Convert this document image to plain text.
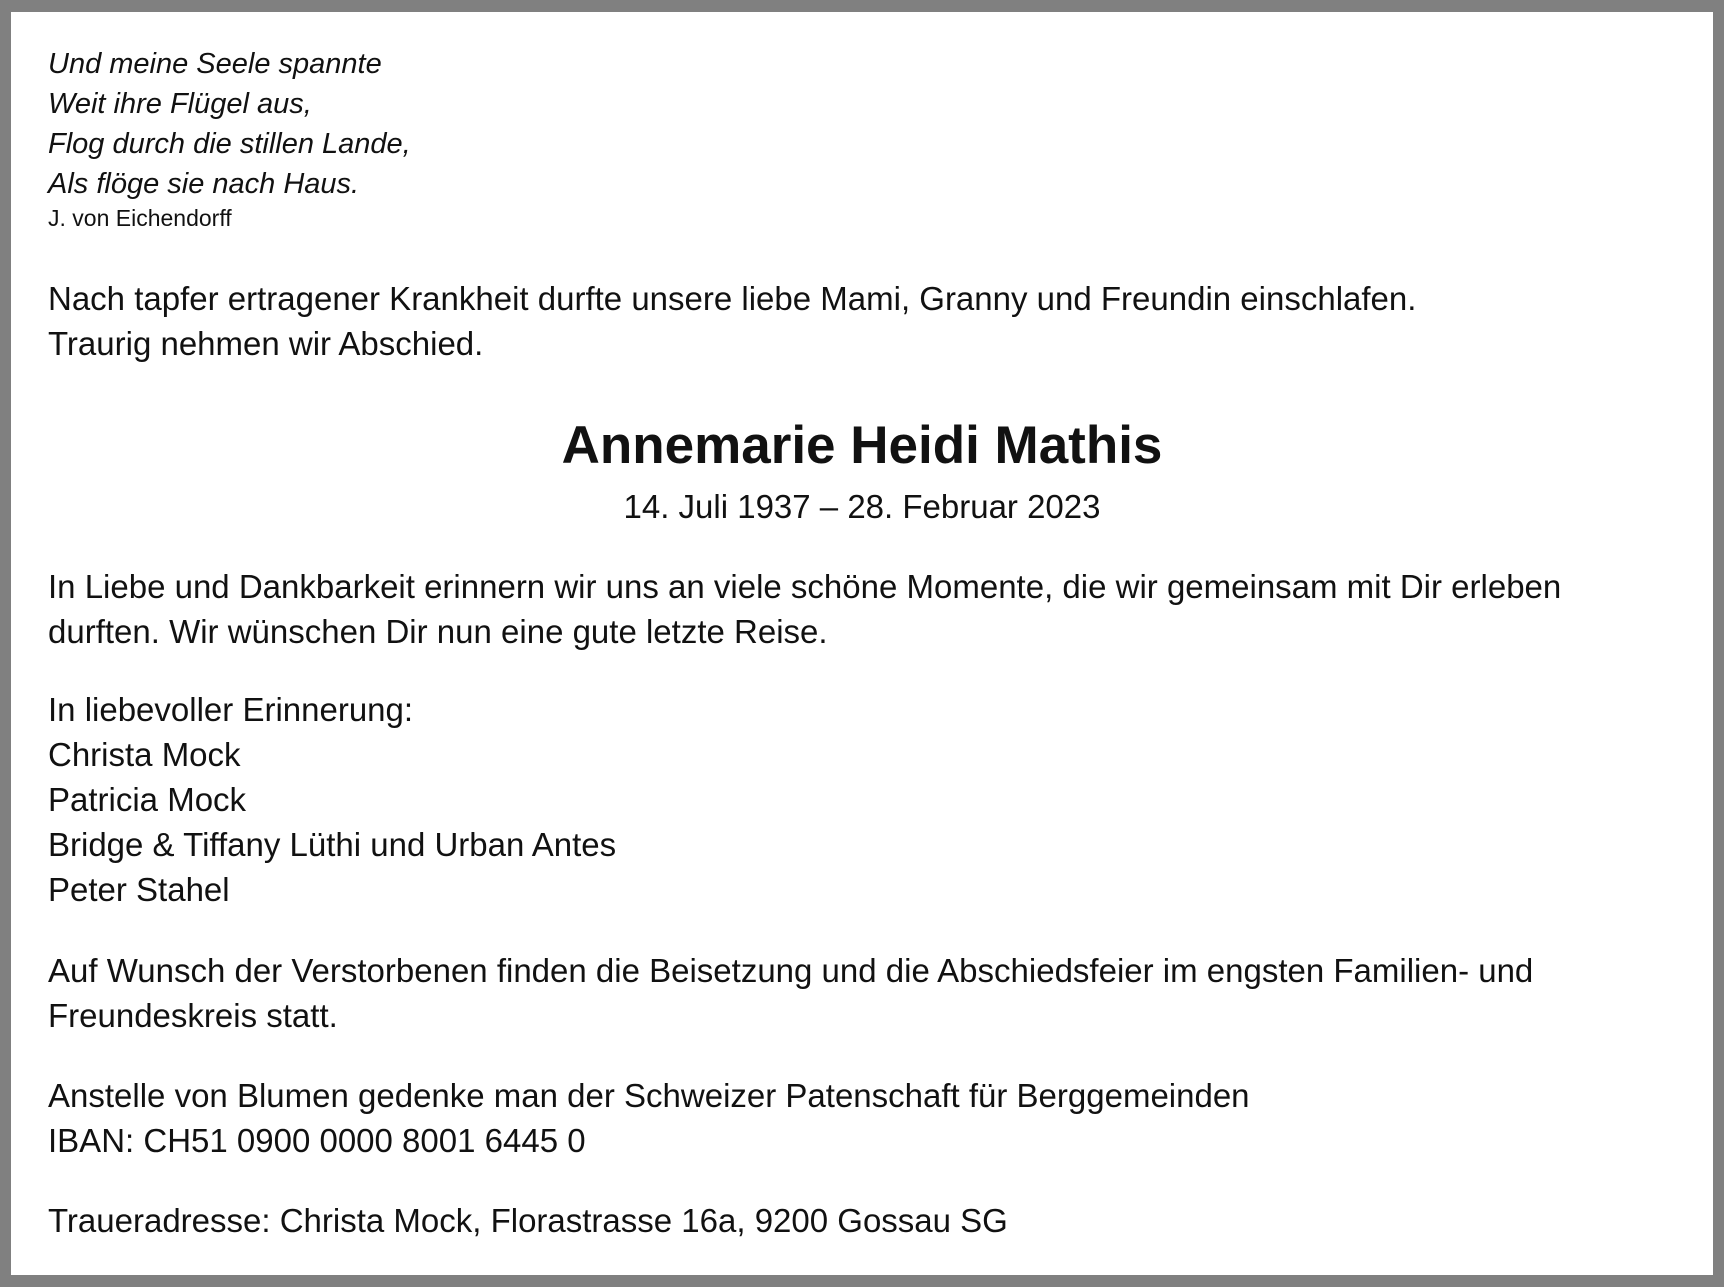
Und meine Seele spannte
Weit ihre Flügel aus,
Flog durch die stillen Lande,
Als flöge sie nach Haus.
J. von Eichendorff
Nach tapfer ertragener Krankheit durfte unsere liebe Mami, Granny und Freundin einschlafen.
Traurig nehmen wir Abschied.
Annemarie Heidi Mathis
14. Juli 1937 – 28. Februar 2023
In Liebe und Dankbarkeit erinnern wir uns an viele schöne Momente, die wir gemeinsam mit Dir erleben
durften. Wir wünschen Dir nun eine gute letzte Reise.
In liebevoller Erinnerung:
Christa Mock
Patricia Mock
Bridge & Tiffany Lüthi und Urban Antes
Peter Stahel
Auf Wunsch der Verstorbenen finden die Beisetzung und die Abschiedsfeier im engsten Familien- und
Freundeskreis statt.
Anstelle von Blumen gedenke man der Schweizer Patenschaft für Berggemeinden
IBAN: CH51 0900 0000 8001 6445 0
Traueradresse: Christa Mock, Florastrasse 16a, 9200 Gossau SG
